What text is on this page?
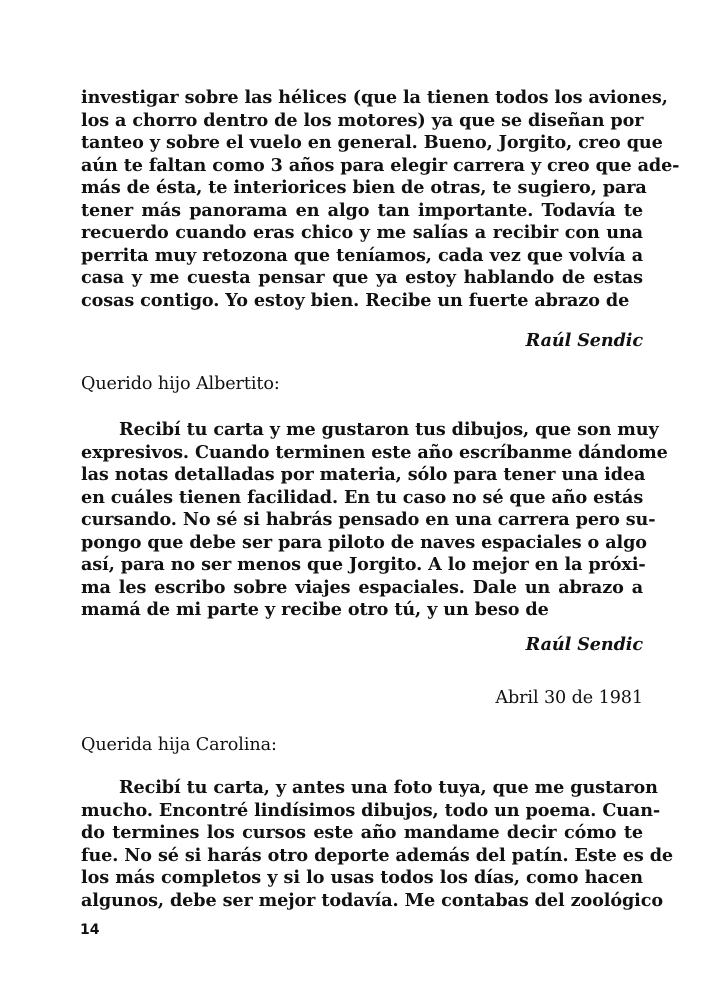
investigar sobre las hélices (que la tienen todos los aviones,
los a chorro dentro de los motores) ya que se diseñan por
tanteo y sobre el vuelo en general. Bueno, Jorgito, creo que
aún te faltan como 3 años para elegir carrera y creo que ade-
más de ésta, te interiorices bien de otras, te sugiero, para
tener más panorama en algo tan importante. Todavía te
recuerdo cuando eras chico y me salías a recibir con una
perrita muy retozona que teníamos, cada vez que volvía a
casa y me cuesta pensar que ya estoy hablando de estas
cosas contigo. Yo estoy bien. Recibe un fuerte abrazo de
Raúl Sendic
Querido hijo Albertito:
Recibí tu carta y me gustaron tus dibujos, que son muy
expresivos. Cuando terminen este año escríbanme dándome
las notas detalladas por materia, sólo para tener una idea
en cuáles tienen facilidad. En tu caso no sé que año estás
cursando. No sé si habrás pensado en una carrera pero su-
pongo que debe ser para piloto de naves espaciales o algo
así, para no ser menos que Jorgito. A lo mejor en la próxi-
ma les escribo sobre viajes espaciales. Dale un abrazo a
mamá de mi parte y recibe otro tú, y un beso de
Raúl Sendic
Abril 30 de 1981
Querida hija Carolina:
Recibí tu carta, y antes una foto tuya, que me gustaron
mucho. Encontré lindísimos dibujos, todo un poema. Cuan-
do termines los cursos este año mandame decir cómo te
fue. No sé si harás otro deporte además del patín. Este es de
los más completos y si lo usas todos los días, como hacen
algunos, debe ser mejor todavía. Me contabas del zoológico
14
